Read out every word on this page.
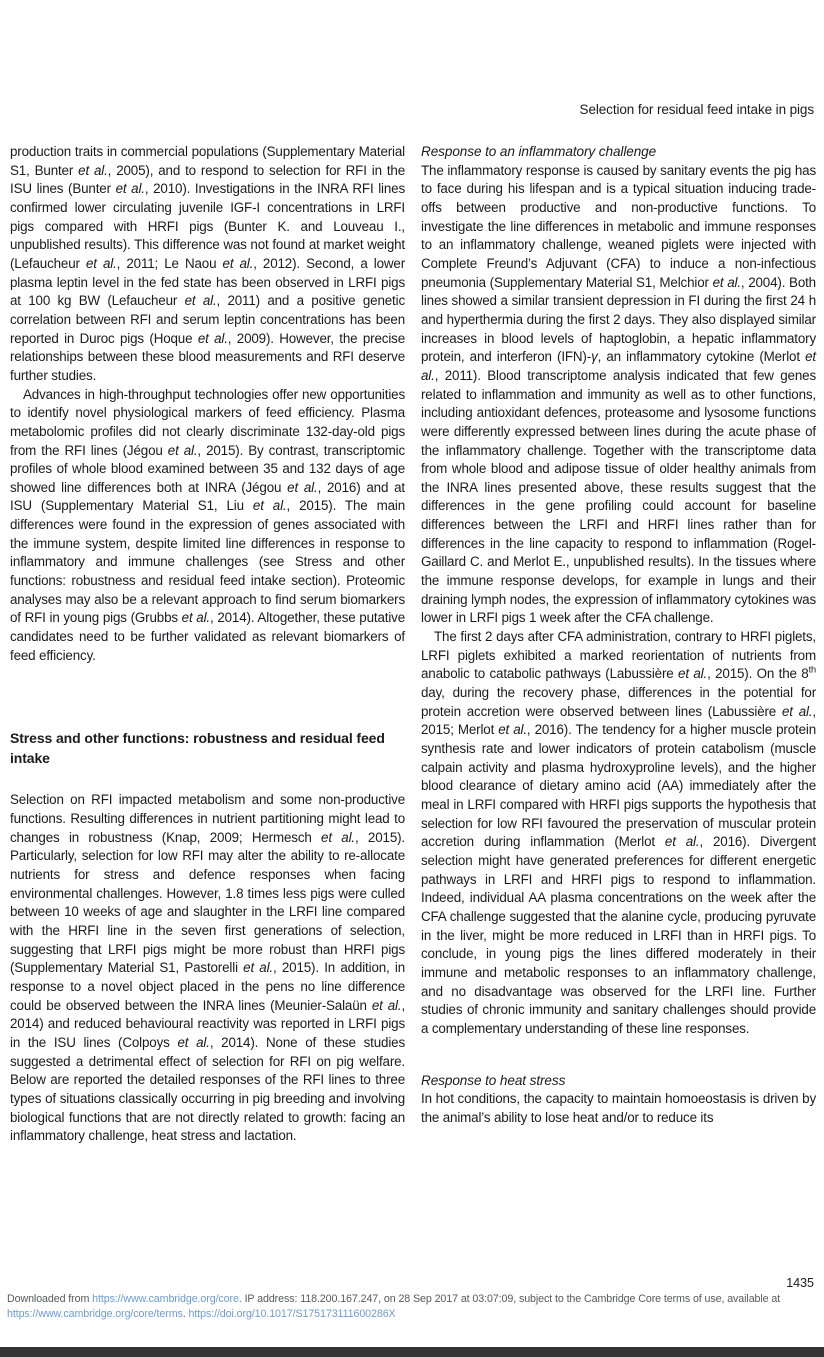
Selection for residual feed intake in pigs

production traits in commercial populations (Supplementary Material S1, Bunter et al., 2005), and to respond to selection for RFI in the ISU lines (Bunter et al., 2010). Investigations in the INRA RFI lines confirmed lower circulating juvenile IGF-I concentrations in LRFI pigs compared with HRFI pigs (Bunter K. and Louveau I., unpublished results). This difference was not found at market weight (Lefaucheur et al., 2011; Le Naou et al., 2012). Second, a lower plasma leptin level in the fed state has been observed in LRFI pigs at 100 kg BW (Lefaucheur et al., 2011) and a positive genetic correlation between RFI and serum leptin concentrations has been reported in Duroc pigs (Hoque et al., 2009). However, the precise relationships between these blood measurements and RFI deserve further studies.

Advances in high-throughput technologies offer new opportunities to identify novel physiological markers of feed efficiency. Plasma metabolomic profiles did not clearly discriminate 132-day-old pigs from the RFI lines (Jégou et al., 2015). By contrast, transcriptomic profiles of whole blood examined between 35 and 132 days of age showed line differences both at INRA (Jégou et al., 2016) and at ISU (Supplementary Material S1, Liu et al., 2015). The main differences were found in the expression of genes associated with the immune system, despite limited line differences in response to inflammatory and immune challenges (see Stress and other functions: robustness and residual feed intake section). Proteomic analyses may also be a relevant approach to find serum biomarkers of RFI in young pigs (Grubbs et al., 2014). Altogether, these putative candidates need to be further validated as relevant biomarkers of feed efficiency.

Stress and other functions: robustness and residual feed intake

Selection on RFI impacted metabolism and some non-productive functions. Resulting differences in nutrient partitioning might lead to changes in robustness (Knap, 2009; Hermesch et al., 2015). Particularly, selection for low RFI may alter the ability to re-allocate nutrients for stress and defence responses when facing environmental challenges. However, 1.8 times less pigs were culled between 10 weeks of age and slaughter in the LRFI line compared with the HRFI line in the seven first generations of selection, suggesting that LRFI pigs might be more robust than HRFI pigs (Supplementary Material S1, Pastorelli et al., 2015). In addition, in response to a novel object placed in the pens no line difference could be observed between the INRA lines (Meunier-Salaün et al., 2014) and reduced behavioural reactivity was reported in LRFI pigs in the ISU lines (Colpoys et al., 2014). None of these studies suggested a detrimental effect of selection for RFI on pig welfare. Below are reported the detailed responses of the RFI lines to three types of situations classically occurring in pig breeding and involving biological functions that are not directly related to growth: facing an inflammatory challenge, heat stress and lactation.

Response to an inflammatory challenge

The inflammatory response is caused by sanitary events the pig has to face during his lifespan and is a typical situation inducing trade-offs between productive and non-productive functions. To investigate the line differences in metabolic and immune responses to an inflammatory challenge, weaned piglets were injected with Complete Freund’s Adjuvant (CFA) to induce a non-infectious pneumonia (Supplementary Material S1, Melchior et al., 2004). Both lines showed a similar transient depression in FI during the first 24 h and hyperthermia during the first 2 days. They also displayed similar increases in blood levels of haptoglobin, a hepatic inflammatory protein, and interferon (IFN)-γ, an inflammatory cytokine (Merlot et al., 2011). Blood transcriptome analysis indicated that few genes related to inflammation and immunity as well as to other functions, including antioxidant defences, proteasome and lysosome functions were differently expressed between lines during the acute phase of the inflammatory challenge. Together with the transcriptome data from whole blood and adipose tissue of older healthy animals from the INRA lines presented above, these results suggest that the differences in the gene profiling could account for baseline differences between the LRFI and HRFI lines rather than for differences in the line capacity to respond to inflammation (Rogel-Gaillard C. and Merlot E., unpublished results). In the tissues where the immune response develops, for example in lungs and their draining lymph nodes, the expression of inflammatory cytokines was lower in LRFI pigs 1 week after the CFA challenge.

The first 2 days after CFA administration, contrary to HRFI piglets, LRFI piglets exhibited a marked reorientation of nutrients from anabolic to catabolic pathways (Labussière et al., 2015). On the 8th day, during the recovery phase, differences in the potential for protein accretion were observed between lines (Labussière et al., 2015; Merlot et al., 2016). The tendency for a higher muscle protein synthesis rate and lower indicators of protein catabolism (muscle calpain activity and plasma hydroxyproline levels), and the higher blood clearance of dietary amino acid (AA) immediately after the meal in LRFI compared with HRFI pigs supports the hypothesis that selection for low RFI favoured the preservation of muscular protein accretion during inflammation (Merlot et al., 2016). Divergent selection might have generated preferences for different energetic pathways in LRFI and HRFI pigs to respond to inflammation. Indeed, individual AA plasma concentrations on the week after the CFA challenge suggested that the alanine cycle, producing pyruvate in the liver, might be more reduced in LRFI than in HRFI pigs. To conclude, in young pigs the lines differed moderately in their immune and metabolic responses to an inflammatory challenge, and no disadvantage was observed for the LRFI line. Further studies of chronic immunity and sanitary challenges should provide a complementary understanding of these line responses.

Response to heat stress

In hot conditions, the capacity to maintain homoeostasis is driven by the animal’s ability to lose heat and/or to reduce its

1435
Downloaded from https://www.cambridge.org/core. IP address: 118.200.167.247, on 28 Sep 2017 at 03:07:09, subject to the Cambridge Core terms of use, available at
https://www.cambridge.org/core/terms. https://doi.org/10.1017/S175173111600286X
